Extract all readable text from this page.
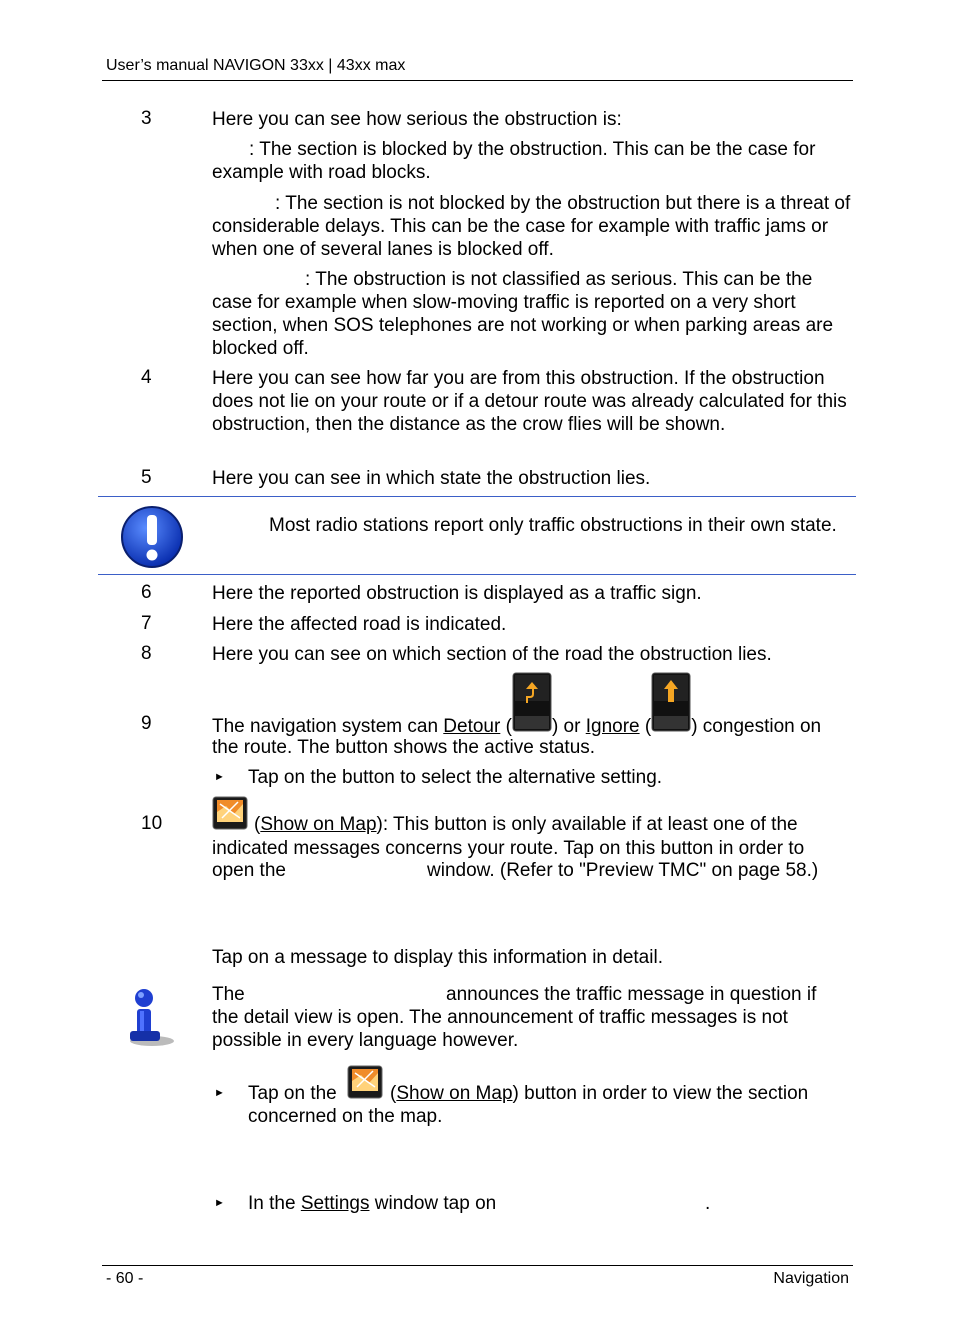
User’s manual NAVIGON 33xx | 43xx max
3	Here you can see how serious the obstruction is:
: The section is blocked by the obstruction. This can be the case for example with road blocks.
: The section is not blocked by the obstruction but there is a threat of considerable delays. This can be the case for example with traffic jams or when one of several lanes is blocked off.
: The obstruction is not classified as serious. This can be the case for example when slow-moving traffic is reported on a very short section, when SOS telephones are not working or when parking areas are blocked off.
4	Here you can see how far you are from this obstruction. If the obstruction does not lie on your route or if a detour route was already calculated for this obstruction, then the distance as the crow flies will be shown.
5	Here you can see in which state the obstruction lies.
Most radio stations report only traffic obstructions in their own state.
6	Here the reported obstruction is displayed as a traffic sign.
7	Here the affected road is indicated.
8	Here you can see on which section of the road the obstruction lies.
9	The navigation system can Detour ( ) or Ignore ( ) congestion on
the route. The button shows the active status.
► Tap on the button to select the alternative setting.
10	(Show on Map): This button is only available if at least one of the
indicated messages concerns your route. Tap on this button in order to
open the	window. (Refer to "Preview TMC" on page 58.)
Tap on a message to display this information in detail.
The	announces the traffic message in question if
the detail view is open. The announcement of traffic messages is not
possible in every language however.
► Tap on the	(Show on Map) button in order to view the section
concerned on the map.
► In the Settings window tap on	.
- 60 -	Navigation
